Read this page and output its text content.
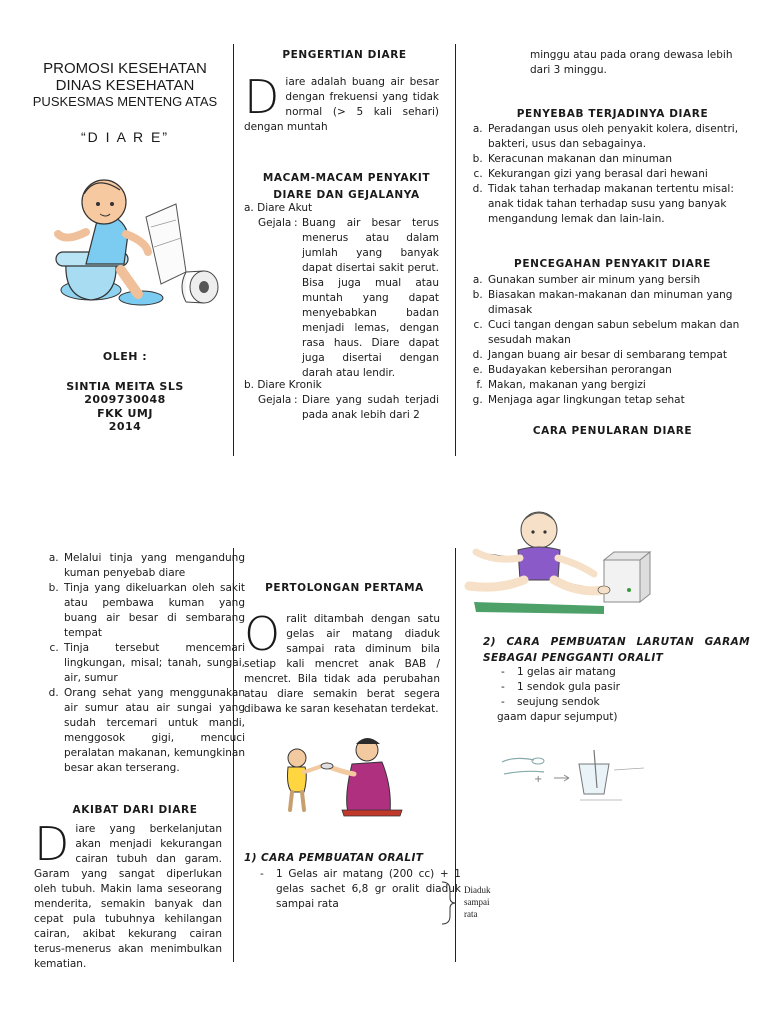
PROMOSI KESEHATAN
DINAS KESEHATAN
PUSKESMAS MENTENG ATAS
“D I A R E”
OLEH :
SINTIA MEITA SLS
2009730048
FKK UMJ
2014
PENGERTIAN DIARE
Diare adalah buang air besar dengan frekuensi yang tidak normal (> 5 kali sehari) dengan muntah
MACAM-MACAM PENYAKIT
DIARE DAN GEJALANYA
a. Diare Akut
Gejala : Buang air besar terus menerus atau dalam jumlah yang banyak dapat disertai sakit perut. Bisa juga mual atau muntah yang dapat menyebabkan badan menjadi lemas, dengan rasa haus. Diare dapat juga disertai dengan darah atau lendir.
b. Diare Kronik
Gejala : Diare yang sudah terjadi pada anak lebih dari 2
minggu atau pada orang dewasa lebih dari 3 minggu.
PENYEBAB TERJADINYA DIARE
a. Peradangan usus oleh penyakit kolera, disentri, bakteri, usus dan sebagainya.
b. Keracunan makanan dan minuman
c. Kekurangan gizi yang berasal dari hewani
d. Tidak tahan terhadap makanan tertentu misal: anak tidak tahan terhadap susu yang banyak mengandung lemak dan lain-lain.
PENCEGAHAN PENYAKIT DIARE
a. Gunakan sumber air minum yang bersih
b. Biasakan makan-makanan dan minuman yang dimasak
c. Cuci tangan dengan sabun sebelum makan dan sesudah makan
d. Jangan buang air besar di sembarang tempat
e. Budayakan kebersihan perorangan
f. Makan, makanan yang bergizi
g. Menjaga agar lingkungan tetap sehat
CARA PENULARAN DIARE
a. Melalui tinja yang mengandung kuman penyebab diare
b. Tinja yang dikeluarkan oleh sakit atau pembawa kuman yang buang air besar di sembarang tempat
c. Tinja tersebut mencemari lingkungan, misal; tanah, sungai, air, sumur
d. Orang sehat yang menggunakan air sumur atau air sungai yang sudah tercemari untuk mandi, menggosok gigi, mencuci peralatan makanan, kemungkinan besar akan terserang.
AKIBAT DARI DIARE
Diare yang berkelanjutan akan menjadi kekurangan cairan tubuh dan garam. Garam yang sangat diperlukan oleh tubuh. Makin lama seseorang menderita, semakin banyak dan cepat pula tubuhnya kehilangan cairan, akibat kekurang cairan terus-menerus akan menimbulkan kematian.
PERTOLONGAN PERTAMA
Oralit ditambah dengan satu gelas air matang diaduk sampai rata diminum bila setiap kali mencret anak BAB / mencret. Bila tidak ada perubahan atau diare semakin berat segera dibawa ke saran kesehatan terdekat.
1) CARA PEMBUATAN ORALIT
- 1 Gelas air matang (200 cc) + 1 gelas sachet 6,8 gr oralit diaduk sampai rata
Diaduk sampai rata
2) CARA PEMBUATAN LARUTAN GARAM SEBAGAI PENGGANTI ORALIT
- 1 gelas air matang
- 1 sendok gula pasir
- seujung sendok
gaam dapur sejumput)
+
